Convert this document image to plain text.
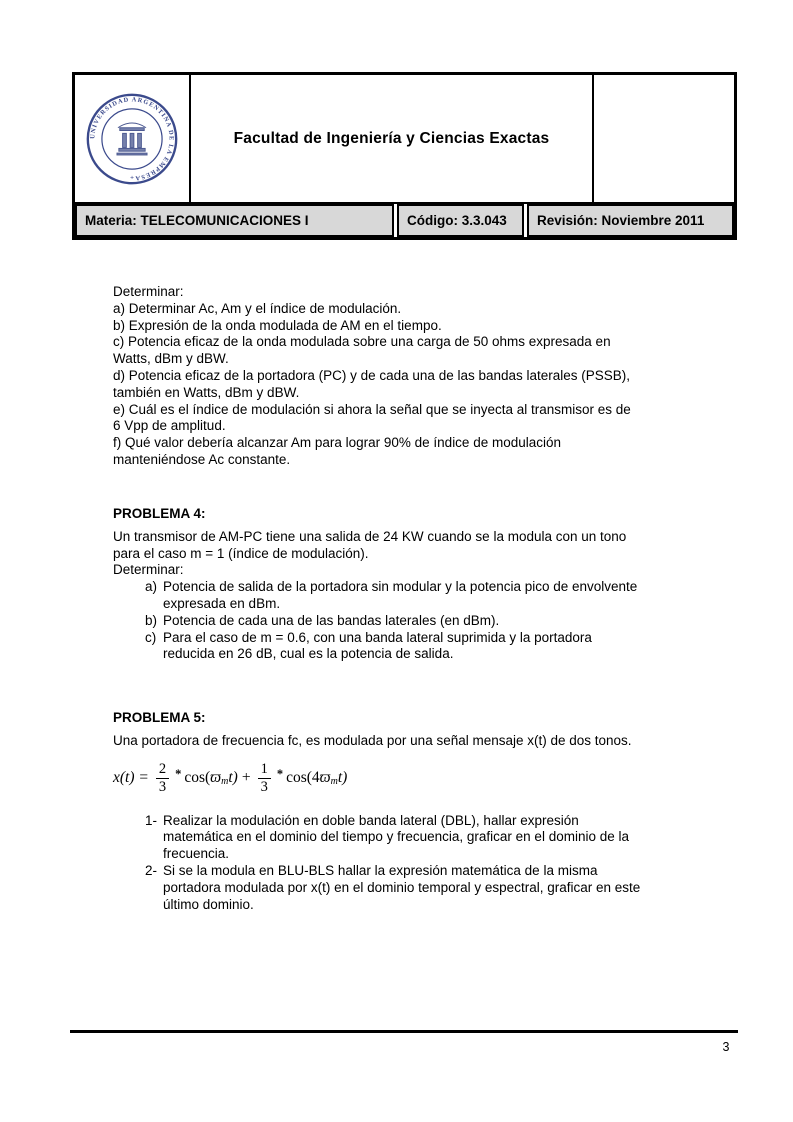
UNIVERSIDAD ARGENTINA DE LA EMPRESA
+
Facultad de Ingeniería y Ciencias Exactas
Materia: TELECOMUNICACIONES I	Código: 3.3.043	Revisión: Noviembre 2011
Determinar:
a) Determinar Ac, Am y el índice de modulación.
b) Expresión de la onda modulada de AM en el tiempo.
c) Potencia eficaz de la onda modulada sobre una carga de 50 ohms expresada en
Watts, dBm y dBW.
d) Potencia eficaz de la portadora (PC) y de cada una de las bandas laterales (PSSB),
también en Watts, dBm y dBW.
e) Cuál es el índice de modulación si ahora la señal que se inyecta al transmisor es de
6 Vpp de amplitud.
f) Qué valor debería alcanzar Am para lograr 90% de índice de modulación
manteniéndose Ac constante.
PROBLEMA 4:
Un transmisor de AM-PC tiene una salida de 24 KW cuando se la modula con un tono
para el caso m = 1 (índice de modulación).
Determinar:
a) Potencia de salida de la portadora sin modular y la potencia pico de envolvente
expresada en dBm.
b) Potencia de cada una de las bandas laterales (en dBm).
c) Para el caso de m = 0.6, con una banda lateral suprimida y la portadora
reducida en 26 dB, cual es la potencia de salida.
PROBLEMA 5:
Una portadora de frecuencia fc, es modulada por una señal mensaje x(t) de dos tonos.
$x(t) = \frac{2}{3} * \cos$( ϖ m $t) + \frac{1}{3} * \cos(4$ ϖ m t)
1- Realizar la modulación en doble banda lateral (DBL), hallar expresión
matemática en el dominio del tiempo y frecuencia, graficar en el dominio de la
frecuencia.
2- Si se la modula en BLU-BLS hallar la expresión matemática de la misma
portadora modulada por x(t) en el dominio temporal y espectral, graficar en este
último dominio.
3
